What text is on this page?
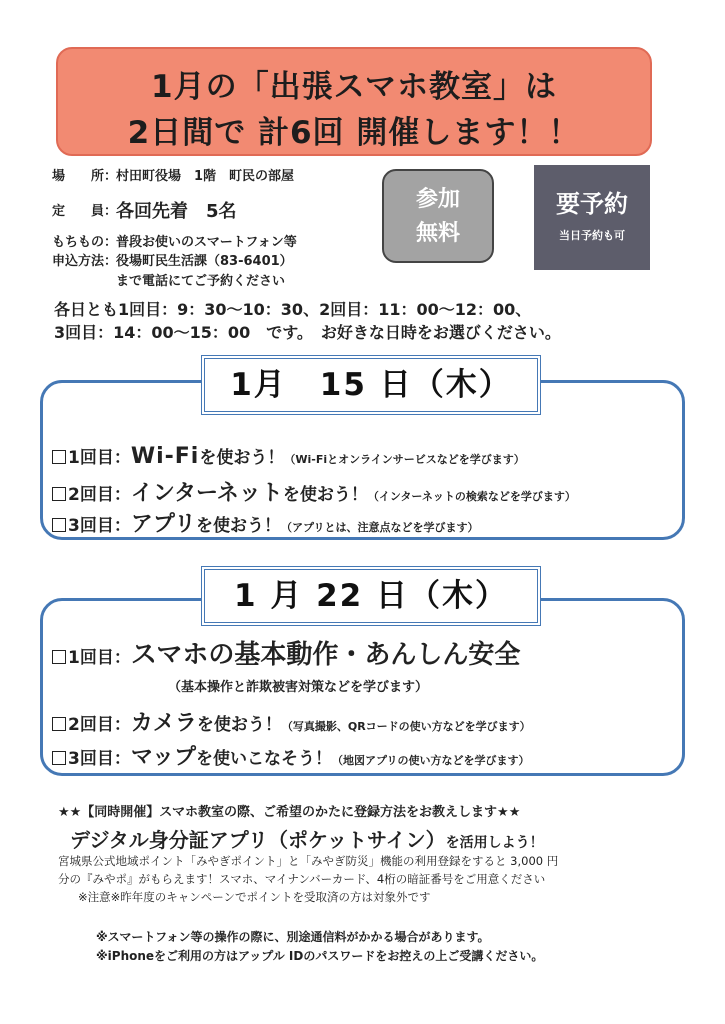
1月の「出張スマホ教室」は
2日間で 計6回 開催します！！
場　　所：
村田町役場　1階　町民の部屋
定　　員：
各回先着　5名
もちもの：
普段お使いのスマートフォン等
申込方法：
役場町民生活課（83-6401）
まで電話にてご予約ください
参加
無料
要予約
当日予約も可
各日とも1回目：9：30～10：30、2回目：11：00～12：00、
3回目：14：00～15：00　です。　お好きな日時をお選びください。
1月　15 日（木）
1回目：Wi-Fiを使おう！（Wi-Fiとオンラインサービスなどを学びます）
2回目：インターネットを使おう！（インターネットの検索などを学びます）
3回目：アプリを使おう！（アプリとは、注意点などを学びます）
1 月 22 日（木）
1回目：スマホの基本動作・あんしん安全
（基本操作と詐欺被害対策などを学びます）
2回目：カメラを使おう！（写真撮影、QRコードの使い方などを学びます）
3回目：マップを使いこなそう！（地図アプリの使い方などを学びます）
★★【同時開催】スマホ教室の際、ご希望のかたに登録方法をお教えします★★
デジタル身分証アプリ（ポケットサイン）を活用しよう！
宮城県公式地域ポイント「みやぎポイント」と「みやぎ防災」機能の利用登録をすると 3,000 円
分の『みやポ』がもらえます！スマホ、マイナンバーカード、4桁の暗証番号をご用意ください
※注意※昨年度のキャンペーンでポイントを受取済の方は対象外です
※スマートフォン等の操作の際に、別途通信料がかかる場合があります。
※iPhoneをご利用の方はアップル IDのパスワードをお控えの上ご受講ください。
